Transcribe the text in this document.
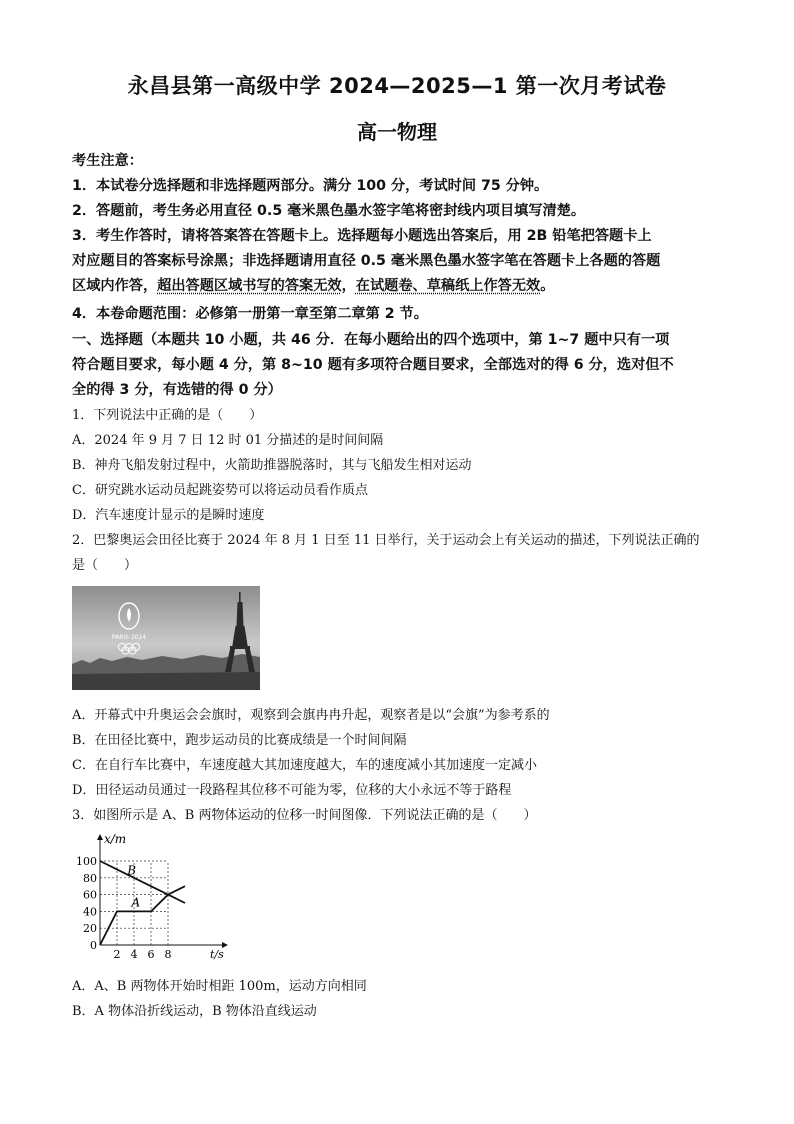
永昌县第一高级中学 2024—2025—1 第一次月考试卷
高一物理
考生注意：
1．本试卷分选择题和非选择题两部分。满分 100 分，考试时间 75 分钟。
2．答题前，考生务必用直径 0.5 毫米黑色墨水签字笔将密封线内项目填写清楚。
3．考生作答时，请将答案答在答题卡上。选择题每小题选出答案后，用 2B 铅笔把答题卡上
对应题目的答案标号涂黑；非选择题请用直径 0.5 毫米黑色墨水签字笔在答题卡上各题的答题
区域内作答，超出答题区域书写的答案无效，在试题卷、草稿纸上作答无效。
4．本卷命题范围：必修第一册第一章至第二章第 2 节。
一、选择题（本题共 10 小题，共 46 分．在每小题给出的四个选项中，第 1~7 题中只有一项
符合题目要求，每小题 4 分，第 8~10 题有多项符合题目要求，全部选对的得 6 分，选对但不
全的得 3 分，有选错的得 0 分）
1．下列说法中正确的是（　　）
A．2024 年 9 月 7 日 12 时 01 分描述的是时间间隔
B．神舟飞船发射过程中，火箭助推器脱落时，其与飞船发生相对运动
C．研究跳水运动员起跳姿势可以将运动员看作质点
D．汽车速度计显示的是瞬时速度
2．巴黎奥运会田径比赛于 2024 年 8 月 1 日至 11 日举行，关于运动会上有关运动的描述，下列说法正确的
是（　　）
PARIS 2024
A．开幕式中升奥运会会旗时，观察到会旗冉冉升起，观察者是以“会旗”为参考系的
B．在田径比赛中，跑步运动员的比赛成绩是一个时间间隔
C．在自行车比赛中，车速度越大其加速度越大，车的速度减小其加速度一定减小
D．田径运动员通过一段路程其位移不可能为零，位移的大小永远不等于路程
3．如图所示是 A、B 两物体运动的位移一时间图像．下列说法正确的是（　　）
0
2 4 6 8
20
40
60
80
100
x/m
t/s
A
B
A．A、B 两物体开始时相距 100m，运动方向相同
B．A 物体沿折线运动，B 物体沿直线运动
